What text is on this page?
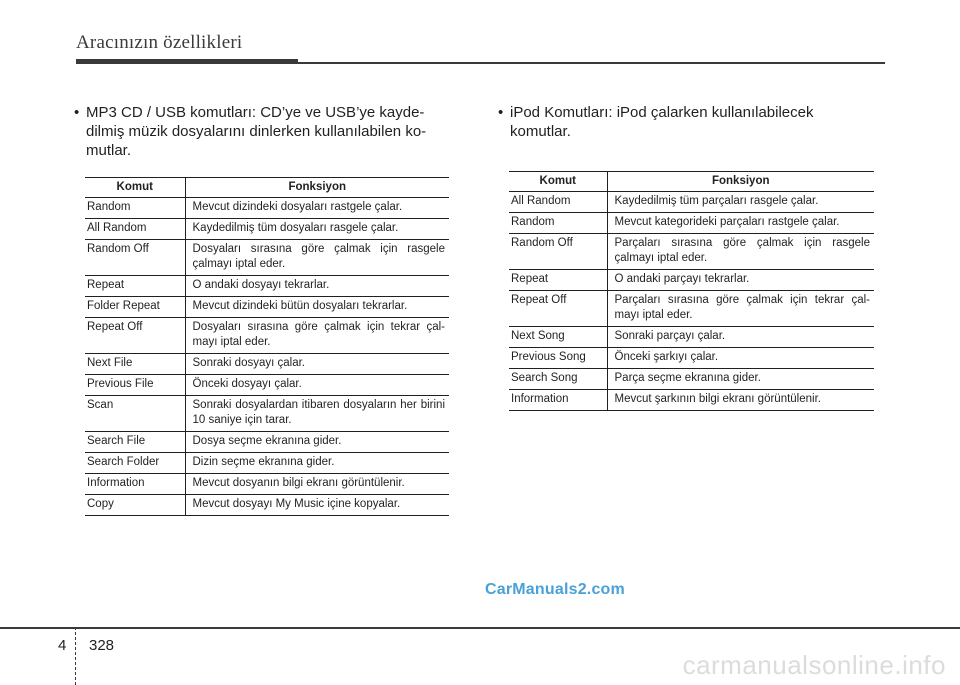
Aracınızın özellikleri
• MP3 CD / USB komutları: CD’ye ve USB’ye kayde-
dilmiş müzik dosyalarını dinlerken kullanılabilen ko-
mutlar.
• iPod Komutları: iPod çalarken kullanılabilecek
komutlar.
Komut	Fonksiyon
Random	Mevcut dizindeki dosyaları rastgele çalar.
All Random	Kaydedilmiş tüm dosyaları rasgele çalar.
Random Off	Dosyaları sırasına göre çalmak için rasgele çalmayı iptal eder.
Repeat	O andaki dosyayı tekrarlar.
Folder Repeat	Mevcut dizindeki bütün dosyaları tekrarlar.
Repeat Off	Dosyaları sırasına göre çalmak için tekrar çal-mayı iptal eder.
Next File	Sonraki dosyayı çalar.
Previous File	Önceki dosyayı çalar.
Scan	Sonraki dosyalardan itibaren dosyaların her birini 10 saniye için tarar.
Search File	Dosya seçme ekranına gider.
Search Folder	Dizin seçme ekranına gider.
Information	Mevcut dosyanın bilgi ekranı görüntülenir.
Copy	Mevcut dosyayı My Music içine kopyalar.
Komut	Fonksiyon
All Random	Kaydedilmiş tüm parçaları rasgele çalar.
Random	Mevcut kategorideki parçaları rastgele çalar.
Random Off	Parçaları sırasına göre çalmak için rasgele çalmayı iptal eder.
Repeat	O andaki parçayı tekrarlar.
Repeat Off	Parçaları sırasına göre çalmak için tekrar çal-mayı iptal eder.
Next Song	Sonraki parçayı çalar.
Previous Song	Önceki şarkıyı çalar.
Search Song	Parça seçme ekranına gider.
Information	Mevcut şarkının bilgi ekranı görüntülenir.
CarManuals2.com
4 328
carmanualsonline.info
